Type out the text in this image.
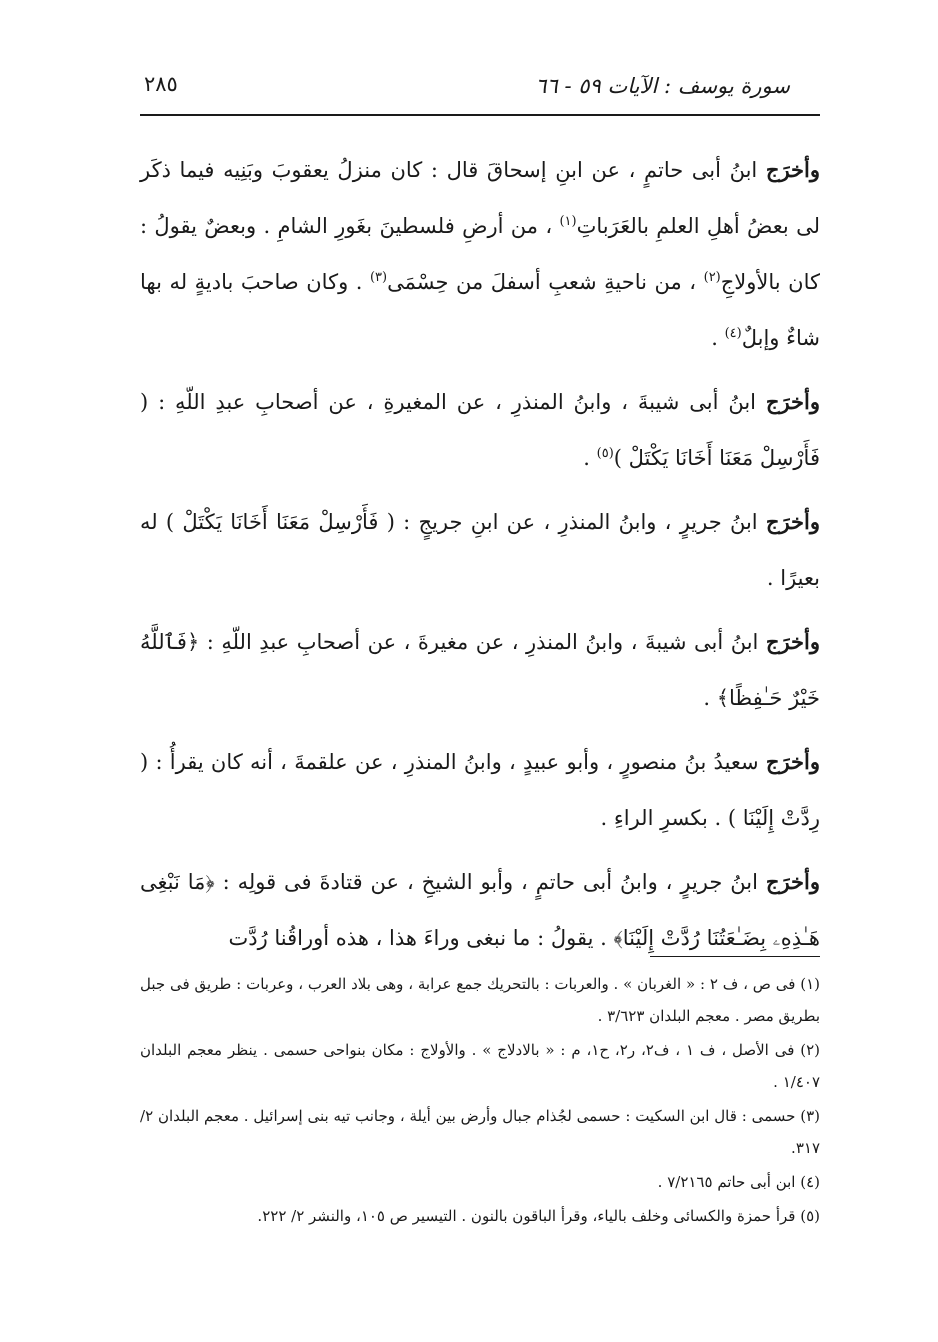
سورة يوسف : الآيات ٥٩ - ٦٦
٢٨٥

وأخرَج ابنُ أبى حاتمٍ ، عن ابنِ إسحاقَ قال : كان منزلُ يعقوبَ وبَنِيه فيما ذكَر لى بعضُ أهلِ العلمِ بالعَرَباتِ$^{(١)}$ ، من أرضِ فلسطينَ بغَورِ الشامِ . وبعضٌ يقولُ : كان بالأولاجِ$^{(٢)}$ ، من ناحيةِ شعبِ أسفلَ من حِسْمَى$^{(٣)}$ . وكان صاحبَ باديةٍ له بها شاءٌ وإبلٌ$^{(٤)}$ .

وأخرَج ابنُ أبى شيبةَ ، وابنُ المنذرِ ، عن المغيرةِ ، عن أصحابِ عبدِ اللّهِ : ( فَأَرْسِلْ مَعَنَا أَخَانَا يَكْتَلْ )$^{(٥)}$ .

وأخرَج ابنُ جريرٍ ، وابنُ المنذرِ ، عن ابنِ جريجٍ : ( فَأَرْسِلْ مَعَنَا أَخَانَا يَكْتَلْ ) له بعيرًا .

وأخرَج ابنُ أبى شيبةَ ، وابنُ المنذرِ ، عن مغيرةَ ، عن أصحابِ عبدِ اللّهِ : ﴿فَٱللَّهُ خَيْرٌ حَـٰفِظًا﴾ .

وأخرَج سعيدُ بنُ منصورٍ ، وأبو عبيدٍ ، وابنُ المنذرِ ، عن علقمةَ ، أنه كان يقرأُ : ( رِدَّتْ إِلَيْنَا ) . بكسرِ الراءِ .

وأخرَج ابنُ جريرٍ ، وابنُ أبى حاتمٍ ، وأبو الشيخِ ، عن قتادةَ فى قولِه : ﴿مَا نَبْغِى هَـٰذِهِۦ بِضَـٰعَتُنَا رُدَّتْ إِلَيْنَا﴾ . يقولُ : ما نبغى وراءَ هذا ، هذه أوراقُنا رُدَّت

(١) فى ص ، ف ٢ : « الغربان » . والعربات : بالتحريك جمع عرابة ، وهى بلاد العرب ، وعربات : طريق فى جبل بطريق مصر . معجم البلدان ٣/٦٢٣ .

(٢) فى الأصل ، ف ١ ، ف٢، ر٢، ح١، م : « بالادلاج » . والأولاج : مكان بنواحى حسمى . ينظر معجم البلدان ١/٤٠٧ .

(٣) حسمى : قال ابن السكيت : حسمى لجُذام جبال وأرض بين أيلة ، وجانب تيه بنى إسرائيل . معجم البلدان ٢/ ٣١٧.

(٤) ابن أبى حاتم ٧/٢١٦٥ .

(٥) قرأ حمزة والكسائى وخلف بالياء، وقرأ الباقون بالنون . التيسير ص ١٠٥، والنشر ٢/ ٢٢٢.
